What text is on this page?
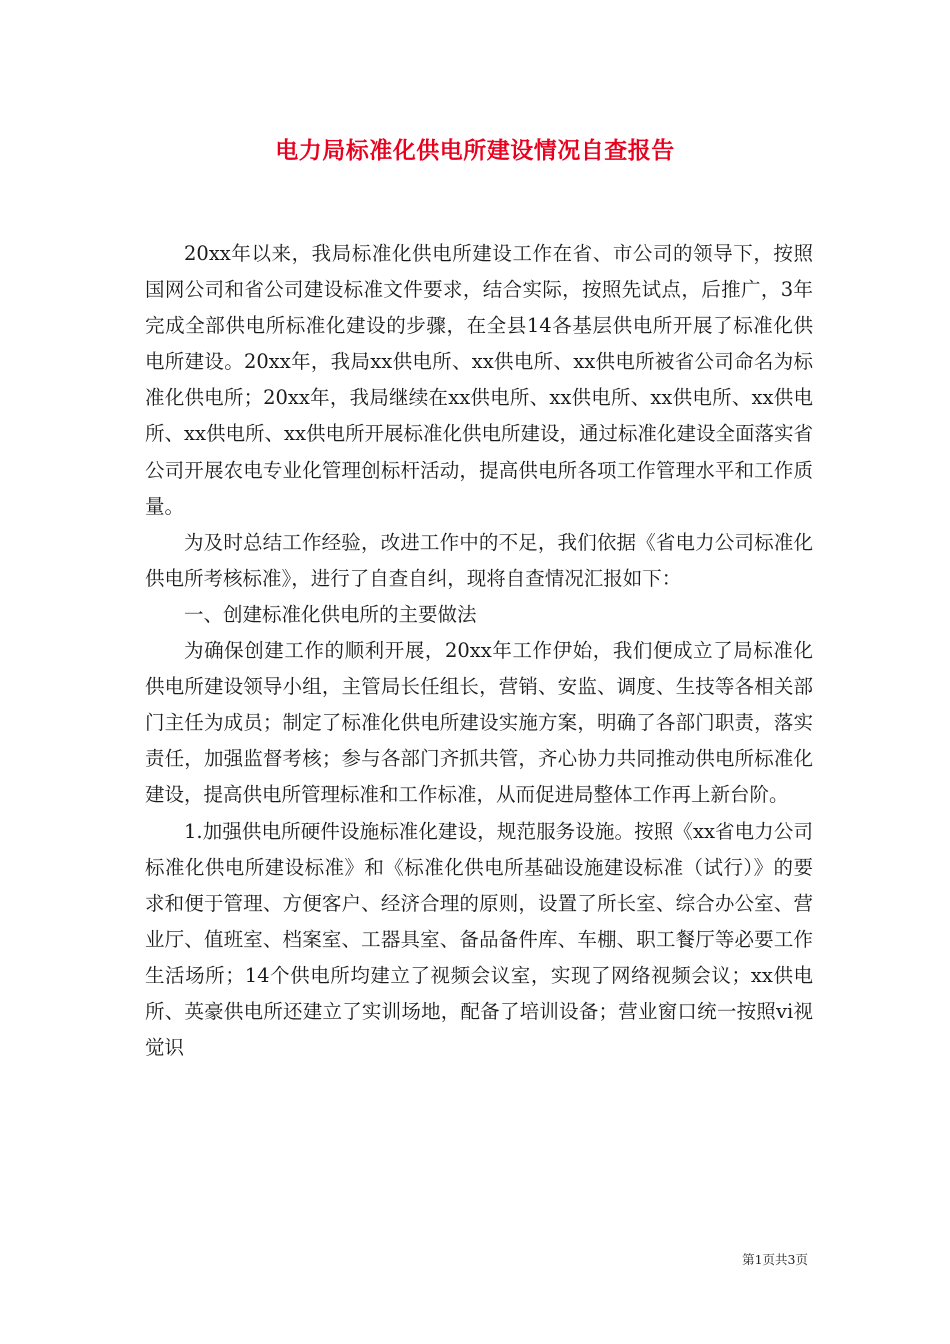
电力局标准化供电所建设情况自查报告

20xx年以来，我局标准化供电所建设工作在省、市公司的领导下，按照国网公司和省公司建设标准文件要求，结合实际，按照先试点，后推广，3年完成全部供电所标准化建设的步骤，在全县14各基层供电所开展了标准化供电所建设。20xx年，我局xx供电所、xx供电所、xx供电所被省公司命名为标准化供电所；20xx年，我局继续在xx供电所、xx供电所、xx供电所、xx供电所、xx供电所、xx供电所开展标准化供电所建设，通过标准化建设全面落实省公司开展农电专业化管理创标杆活动，提高供电所各项工作管理水平和工作质量。

为及时总结工作经验，改进工作中的不足，我们依据《省电力公司标准化供电所考核标准》，进行了自查自纠，现将自查情况汇报如下：

一、创建标准化供电所的主要做法

为确保创建工作的顺利开展，20xx年工作伊始，我们便成立了局标准化供电所建设领导小组，主管局长任组长，营销、安监、调度、生技等各相关部门主任为成员；制定了标准化供电所建设实施方案，明确了各部门职责，落实责任，加强监督考核；参与各部门齐抓共管，齐心协力共同推动供电所标准化建设，提高供电所管理标准和工作标准，从而促进局整体工作再上新台阶。

1.加强供电所硬件设施标准化建设，规范服务设施。按照《xx省电力公司标准化供电所建设标准》和《标准化供电所基础设施建设标准（试行）》的要求和便于管理、方便客户、经济合理的原则，设置了所长室、综合办公室、营业厅、值班室、档案室、工器具室、备品备件库、车棚、职工餐厅等必要工作生活场所；14个供电所均建立了视频会议室，实现了网络视频会议；xx供电所、英豪供电所还建立了实训场地，配备了培训设备；营业窗口统一按照vi视觉识

第1页共3页
